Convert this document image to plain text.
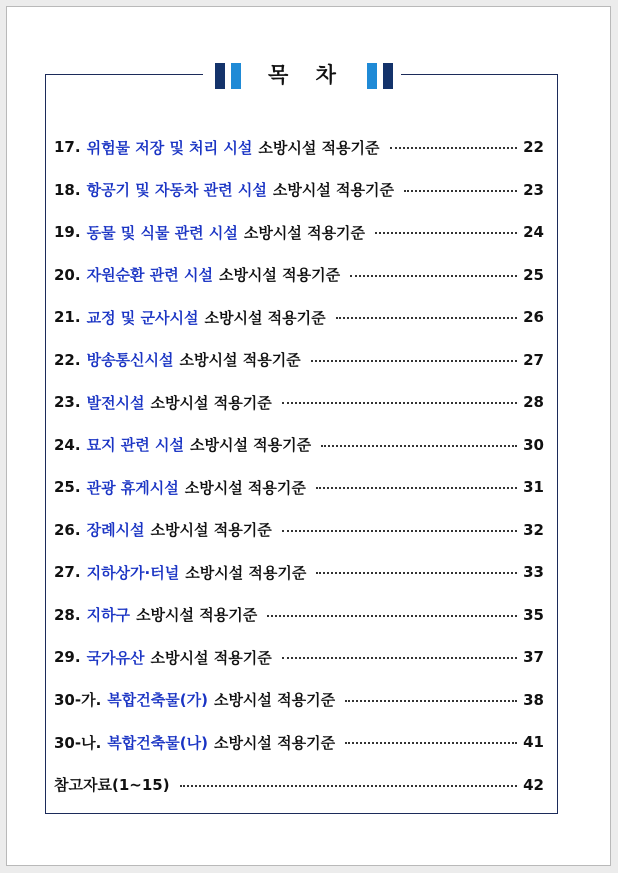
목 차
17. 위험물 저장 및 처리 시설 소방시설 적용기준	22
18. 항공기 및 자동차 관련 시설 소방시설 적용기준	23
19. 동물 및 식물 관련 시설 소방시설 적용기준	24
20. 자원순환 관련 시설 소방시설 적용기준	25
21. 교정 및 군사시설 소방시설 적용기준	26
22. 방송통신시설 소방시설 적용기준	27
23. 발전시설 소방시설 적용기준	28
24. 묘지 관련 시설 소방시설 적용기준	30
25. 관광 휴게시설 소방시설 적용기준	31
26. 장례시설 소방시설 적용기준	32
27. 지하상가·터널 소방시설 적용기준	33
28. 지하구 소방시설 적용기준	35
29. 국가유산 소방시설 적용기준	37
30-가. 복합건축물(가) 소방시설 적용기준	38
30-나. 복합건축물(나) 소방시설 적용기준	41
참고자료(1~15)	42
